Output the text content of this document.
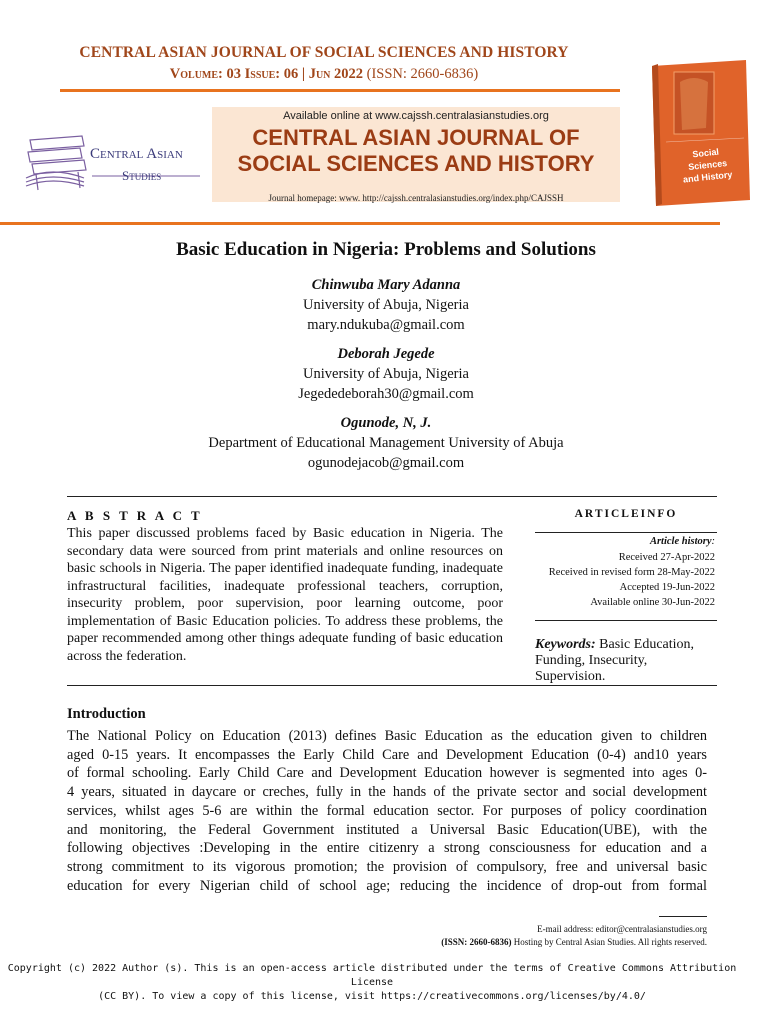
CENTRAL ASIAN JOURNAL OF SOCIAL SCIENCES AND HISTORY
Volume: 03 Issue: 06 | Jun 2022 (ISSN: 2660-6836)
Central Asian
Studies
Available online at www.cajssh.centralasianstudies.org
CENTRAL ASIAN JOURNAL OF
SOCIAL SCIENCES AND HISTORY
Journal homepage: www. http://cajssh.centralasianstudies.org/index.php/CAJSSH
Social
Sciences
and History
Basic Education in Nigeria: Problems and Solutions
Chinwuba Mary Adanna
University of Abuja, Nigeria
mary.ndukuba@gmail.com
Deborah Jegede
University of Abuja, Nigeria
Jegededeborah30@gmail.com
Ogunode, N, J.
Department of Educational Management University of Abuja
ogunodejacob@gmail.com
A B S T R A C T
This paper discussed problems faced by Basic education in Nigeria. The secondary data were sourced from print materials and online resources on basic schools in Nigeria. The paper identified inadequate funding, inadequate infrastructural facilities, inadequate professional teachers, corruption, insecurity problem, poor supervision, poor learning outcome, poor implementation of Basic Education policies. To address these problems, the paper recommended among other things adequate funding of basic education across the federation.
ARTICLEINFO
Article history:
Received 27-Apr-2022
Received in revised form 28-May-2022
Accepted 19-Jun-2022
Available online 30-Jun-2022
Keywords: Basic Education,
Funding, Insecurity,
Supervision.
Introduction
The National Policy on Education (2013) defines Basic Education as the education given to children
aged 0-15 years. It encompasses the Early Child Care and Development Education (0-4) and10 years
of formal schooling. Early Child Care and Development Education however is segmented into ages 0-
4 years, situated in daycare or creches, fully in the hands of the private sector and social development
services, whilst ages 5-6 are within the formal education sector. For purposes of policy coordination
and monitoring, the Federal Government instituted a Universal Basic Education(UBE), with the
following objectives :Developing in the entire citizenry a strong consciousness for education and a
strong commitment to its vigorous promotion; the provision of compulsory, free and universal basic
education for every Nigerian child of school age; reducing the incidence of drop-out from formal
E-mail address: editor@centralasianstudies.org
(ISSN: 2660-6836) Hosting by Central Asian Studies. All rights reserved.
Copyright (c) 2022 Author (s). This is an open-access article distributed under the terms of Creative Commons Attribution License
(CC BY). To view a copy of this license, visit https://creativecommons.org/licenses/by/4.0/
